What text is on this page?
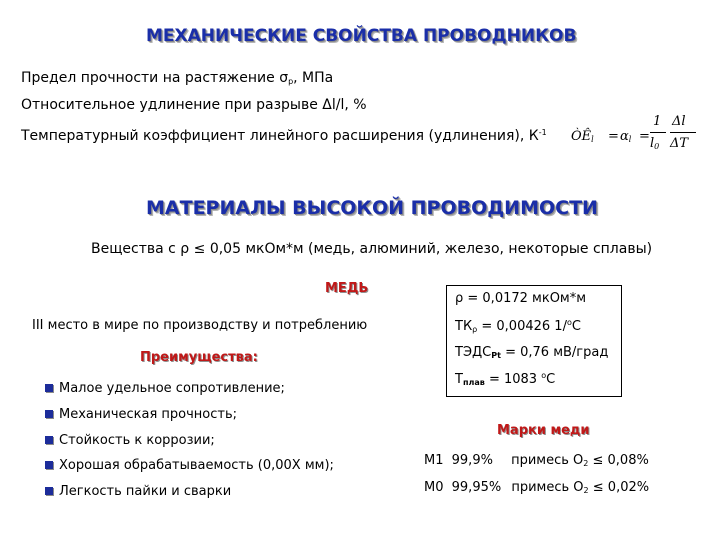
МЕХАНИЧЕСКИЕ СВОЙСТВА ПРОВОДНИКОВ
Предел прочности на растяжение $\sigma_р$, МПа
Относительное удлинение при разрыве Δl/l, %
Температурный коэффициент линейного расширения (удлинения), $К^{-1}$ $ÒÊ_l = \alpha_l$ =
1
$l_0$
Δl
ΔT
МАТЕРИАЛЫ ВЫСОКОЙ ПРОВОДИМОСТИ
Вещества с ρ ≤ 0,05 мкОм*м (медь, алюминий, железо, некоторые сплавы)
МЕДЬ
III место в мире по производству и потреблению
Преимущества:
Малое удельное сопротивление;
Механическая прочность;
Стойкость к коррозии;
Хорошая обрабатываемость (0,00Х мм);
Легкость пайки и сварки
ρ = 0,0172 мкОм*м
$ТК_\rho = 0,00426$ 1/$^o$С
ТЭДСPt = 0,76 мВ/град
Тплав = 1083 $^o$С
Марки меди
М1 99,9% примесь $О_2 \le 0,08\%$
М0 99,95% примесь $О_2 \le 0,02\%$
